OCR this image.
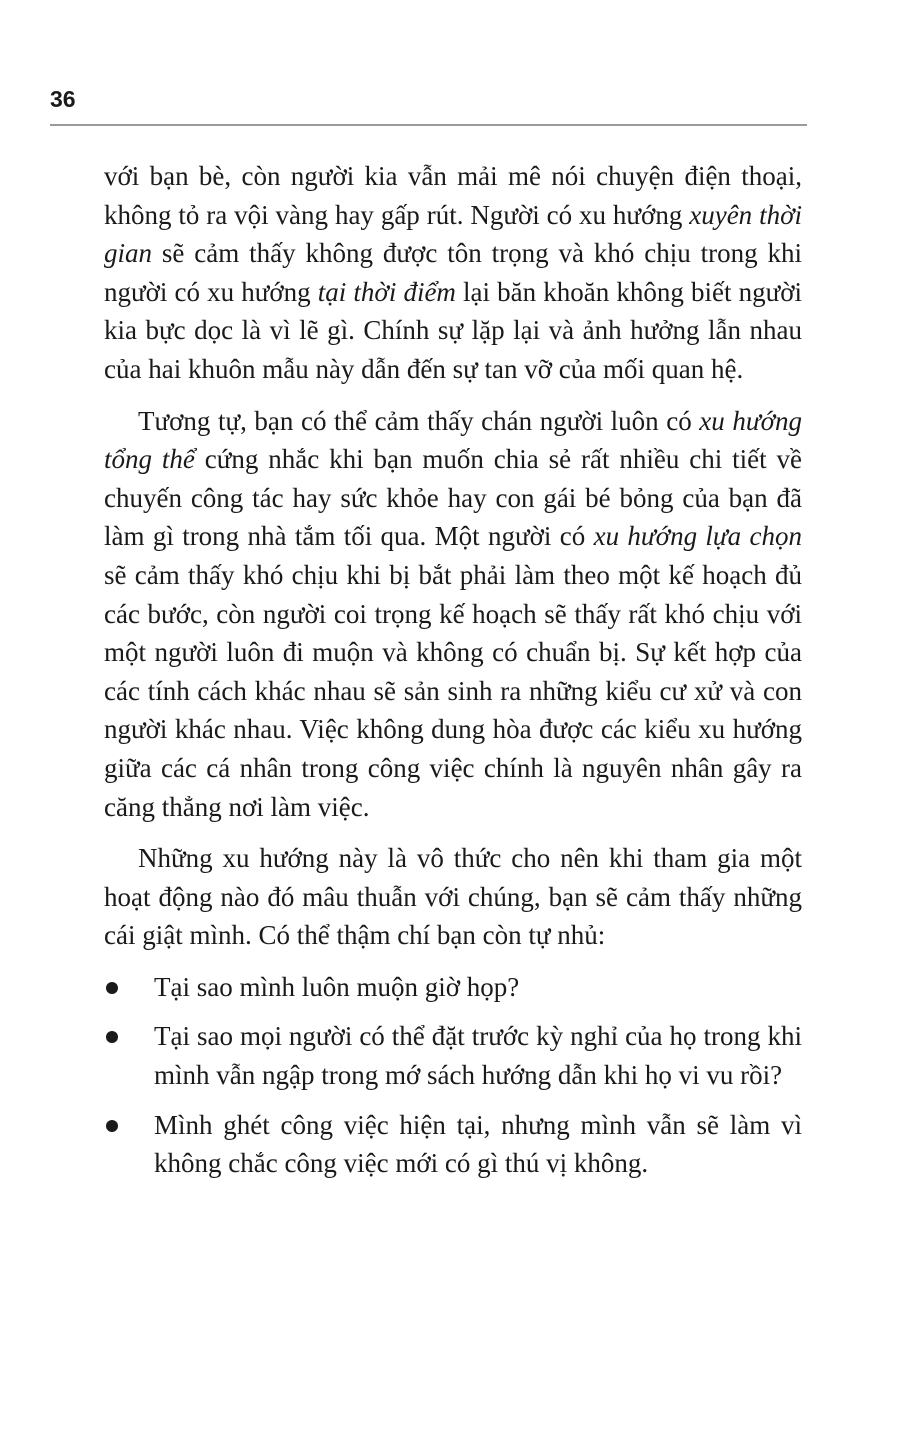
36

với bạn bè, còn người kia vẫn mải mê nói chuyện điện thoại, không tỏ ra vội vàng hay gấp rút. Người có xu hướng xuyên thời gian sẽ cảm thấy không được tôn trọng và khó chịu trong khi người có xu hướng tại thời điểm lại băn khoăn không biết người kia bực dọc là vì lẽ gì. Chính sự lặp lại và ảnh hưởng lẫn nhau của hai khuôn mẫu này dẫn đến sự tan vỡ của mối quan hệ.

Tương tự, bạn có thể cảm thấy chán người luôn có xu hướng tổng thể cứng nhắc khi bạn muốn chia sẻ rất nhiều chi tiết về chuyến công tác hay sức khỏe hay con gái bé bỏng của bạn đã làm gì trong nhà tắm tối qua. Một người có xu hướng lựa chọn sẽ cảm thấy khó chịu khi bị bắt phải làm theo một kế hoạch đủ các bước, còn người coi trọng kế hoạch sẽ thấy rất khó chịu với một người luôn đi muộn và không có chuẩn bị. Sự kết hợp của các tính cách khác nhau sẽ sản sinh ra những kiểu cư xử và con người khác nhau. Việc không dung hòa được các kiểu xu hướng giữa các cá nhân trong công việc chính là nguyên nhân gây ra căng thẳng nơi làm việc.

Những xu hướng này là vô thức cho nên khi tham gia một hoạt động nào đó mâu thuẫn với chúng, bạn sẽ cảm thấy những cái giật mình. Có thể thậm chí bạn còn tự nhủ:

Tại sao mình luôn muộn giờ họp?
Tại sao mọi người có thể đặt trước kỳ nghỉ của họ trong khi mình vẫn ngập trong mớ sách hướng dẫn khi họ vi vu rồi?
Mình ghét công việc hiện tại, nhưng mình vẫn sẽ làm vì không chắc công việc mới có gì thú vị không.
